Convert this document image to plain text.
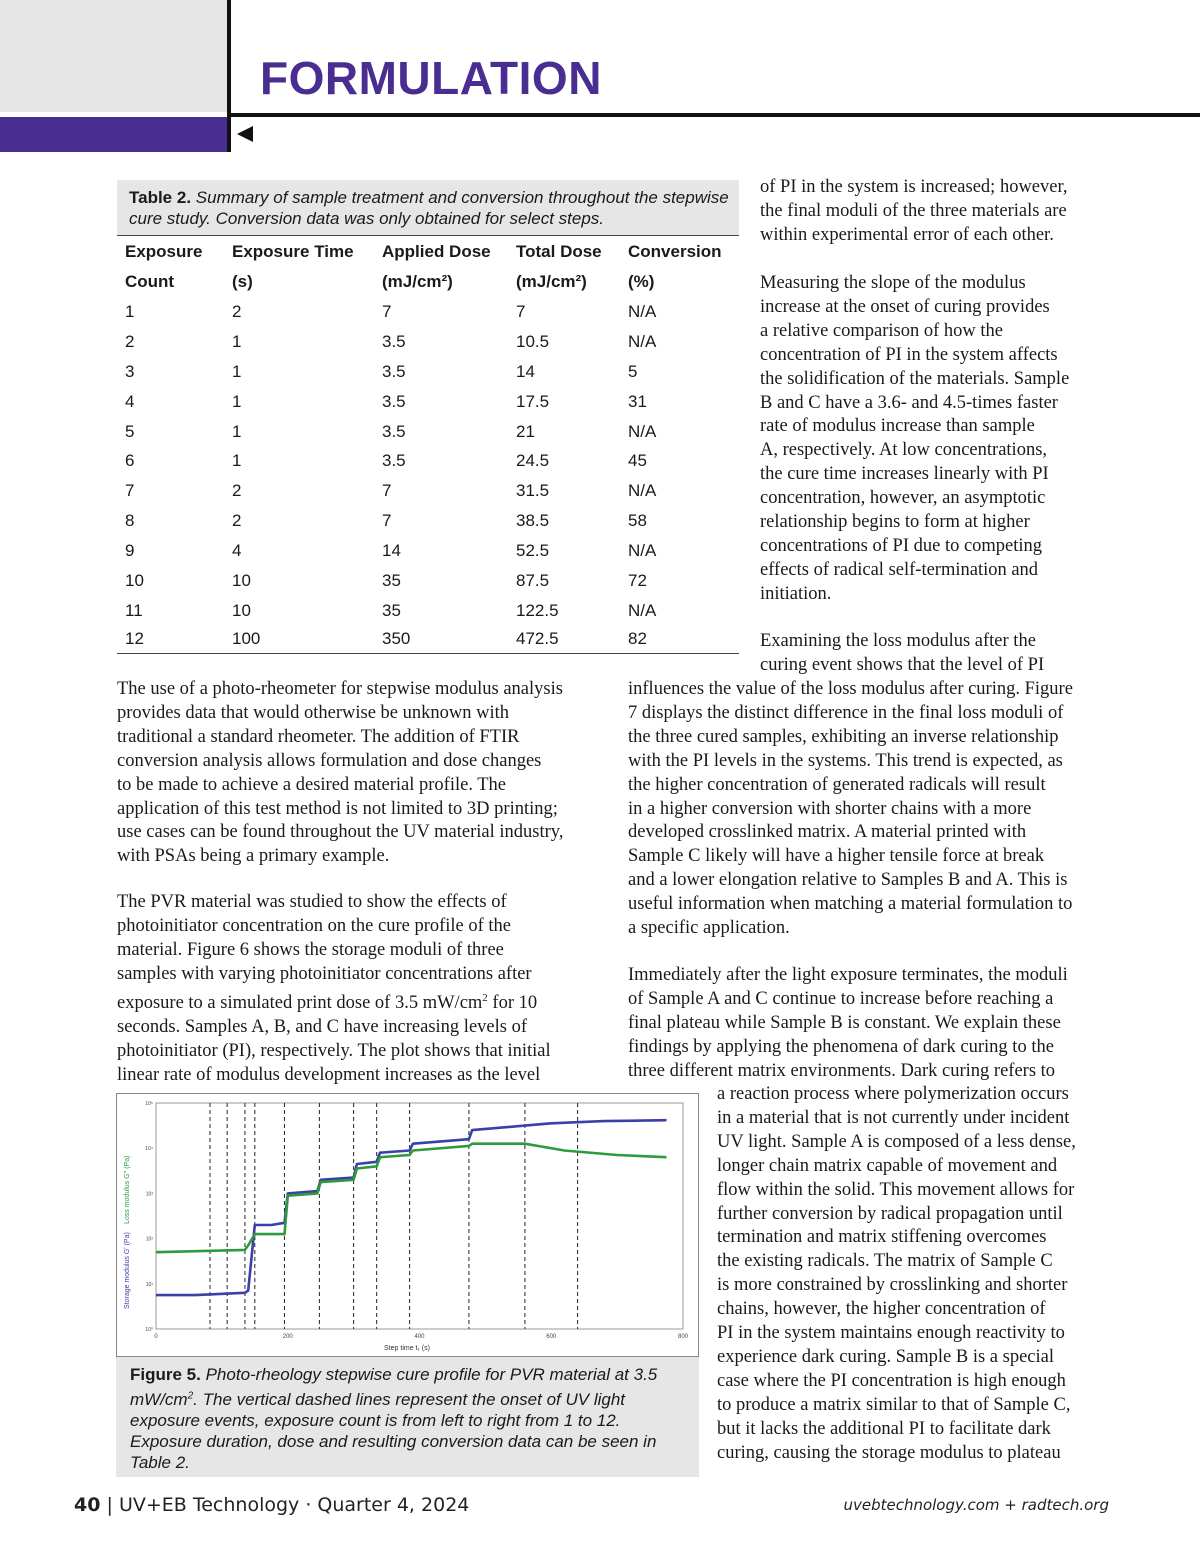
FORMULATION
Table 2. Summary of sample treatment and conversion throughout the stepwise cure study. Conversion data was only obtained for select steps.
Exposure	Exposure Time	Applied Dose	Total Dose	Conversion
Count	(s)	(mJ/cm²)	(mJ/cm²)	(%)
1	2	7	7	N/A
2	1	3.5	10.5	N/A
3	1	3.5	14	5
4	1	3.5	17.5	31
5	1	3.5	21	N/A
6	1	3.5	24.5	45
7	2	7	31.5	N/A
8	2	7	38.5	58
9	4	14	52.5	N/A
10	10	35	87.5	72
11	10	35	122.5	N/A
12	100	350	472.5	82

of PI in the system is increased; however,
the final moduli of the three materials are
within experimental error of each other.

Measuring the slope of the modulus
increase at the onset of curing provides
a relative comparison of how the
concentration of PI in the system affects
the solidification of the materials. Sample
B and C have a 3.6- and 4.5-times faster
rate of modulus increase than sample
A, respectively. At low concentrations,
the cure time increases linearly with PI
concentration, however, an asymptotic
relationship begins to form at higher
concentrations of PI due to competing
effects of radical self-termination and
initiation.

Examining the loss modulus after the
curing event shows that the level of PI

The use of a photo-rheometer for stepwise modulus analysis
provides data that would otherwise be unknown with
traditional a standard rheometer. The addition of FTIR
conversion analysis allows formulation and dose changes
to be made to achieve a desired material profile. The
application of this test method is not limited to 3D printing;
use cases can be found throughout the UV material industry,
with PSAs being a primary example.

The PVR material was studied to show the effects of
photoinitiator concentration on the cure profile of the
material. Figure 6 shows the storage moduli of three
samples with varying photoinitiator concentrations after
exposure to a simulated print dose of 3.5 $mW/cm^2$ for 10
seconds. Samples A, B, and C have increasing levels of
photoinitiator (PI), respectively. The plot shows that initial
linear rate of modulus development increases as the level

influences the value of the loss modulus after curing. Figure
7 displays the distinct difference in the final loss moduli of
the three cured samples, exhibiting an inverse relationship
with the PI levels in the systems. This trend is expected, as
the higher concentration of generated radicals will result
in a higher conversion with shorter chains with a more
developed crosslinked matrix. A material printed with
Sample C likely will have a higher tensile force at break
and a lower elongation relative to Samples B and A. This is
useful information when matching a material formulation to
a specific application.

Immediately after the light exposure terminates, the moduli
of Sample A and C continue to increase before reaching a
final plateau while Sample B is constant. We explain these
findings by applying the phenomena of dark curing to the
three different matrix environments. Dark curing refers to

a reaction process where polymerization occurs
in a material that is not currently under incident
UV light. Sample A is composed of a less dense,
longer chain matrix capable of movement and
flow within the solid. This movement allows for
further conversion by radical propagation until
termination and matrix stiffening overcomes
the existing radicals. The matrix of Sample C
is more constrained by crosslinking and shorter
chains, however, the higher concentration of
PI in the system maintains enough reactivity to
experience dark curing. Sample B is a special
case where the PI concentration is high enough
to produce a matrix similar to that of Sample C,
but it lacks the additional PI to facilitate dark
curing, causing the storage modulus to plateau

0	200	400	600	800
10⁰
10¹
10²
10³
10⁴
10⁵
Storage modulus G' (Pa)
Loss modulus G'' (Pa)
Step time t₁ (s)
Figure 5. Photo-rheology stepwise cure profile for PVR material at 3.5 $mW/cm^2$. The vertical dashed lines represent the onset of UV light exposure events, exposure count is from left to right from 1 to 12. Exposure duration, dose and resulting conversion data can be seen in Table 2.
40 | UV+EB Technology · Quarter 4, 2024	uvebtechnology.com + radtech.org
